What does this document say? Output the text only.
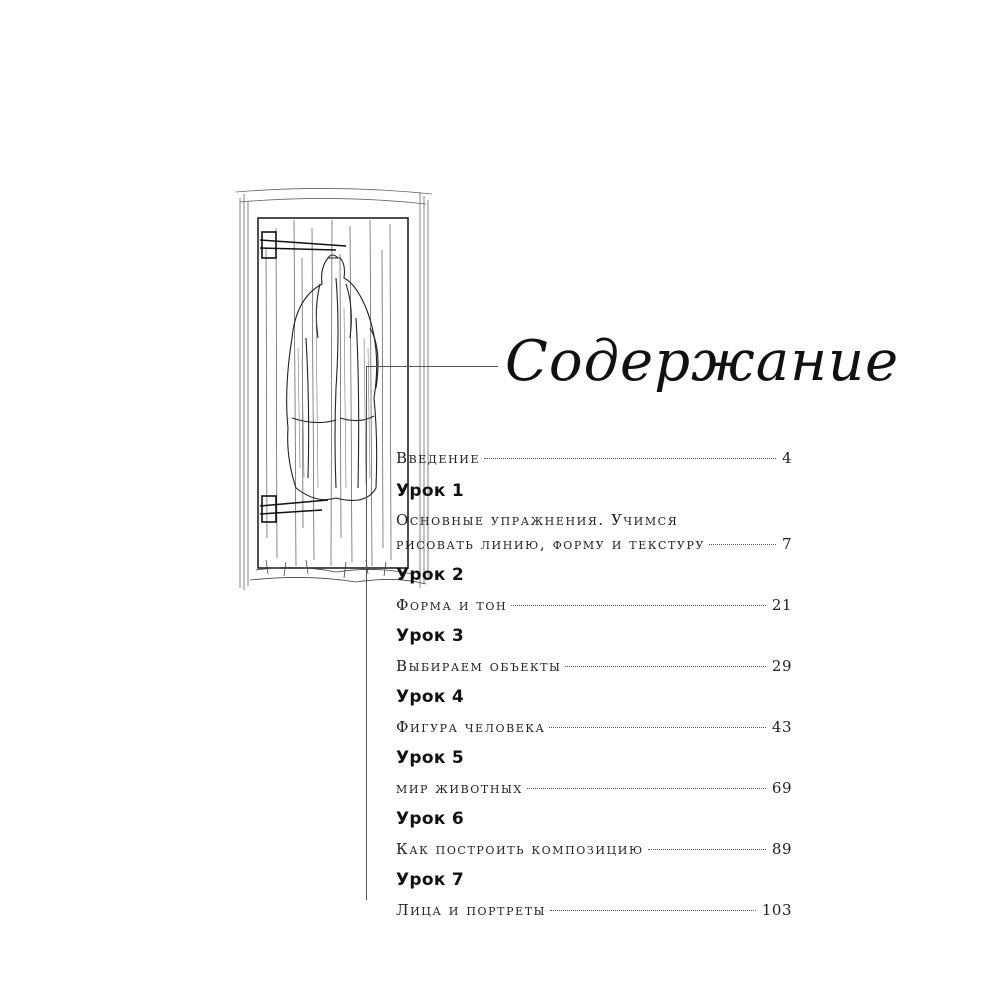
Содержание
Введение	4
Урок 1
Основные упражнения. Учимся
рисовать линию, форму и текстуру	7
Урок 2
Форма и тон	21
Урок 3
Выбираем объекты	29
Урок 4
Фигура человека	43
Урок 5
мир животных	69
Урок 6
Как построить композицию	89
Урок 7
Лица и портреты	103
